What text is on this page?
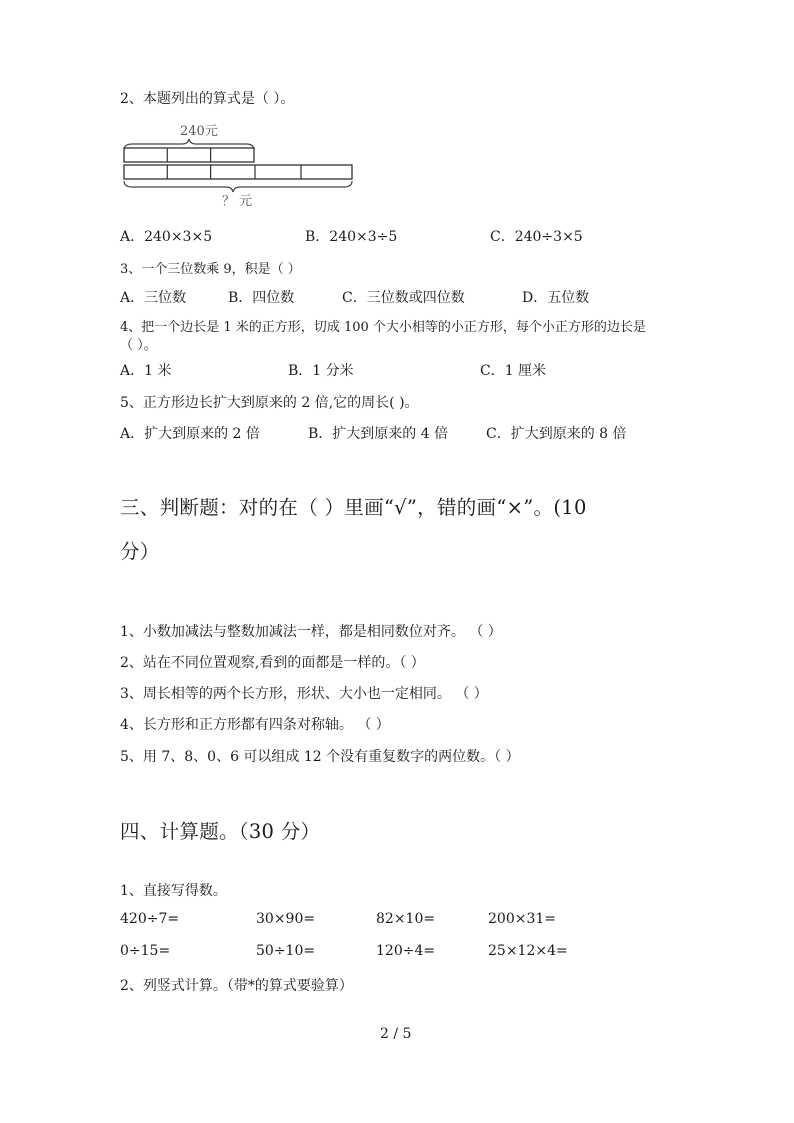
2、本题列出的算式是（ ）。
240元
？ 元
A．240×3×5	B．240×3÷5	C．240÷3×5
3、一个三位数乘 9，积是（ ）
A．三位数	B．四位数	C．三位数或四位数	D．五位数
4、把一个边长是 1 米的正方形，切成 100 个大小相等的小正方形，每个小正方形的边长是
（ ）。
A．1 米	B．1 分米	C．1 厘米
5、正方形边长扩大到原来的 2 倍,它的周长( )。
A．扩大到原来的 2 倍	B．扩大到原来的 4 倍	C．扩大到原来的 8 倍
三、判断题：对的在（ ）里画“√”，错的画“×”。(10
分）
1、小数加减法与整数加减法一样，都是相同数位对齐。 （ ）
2、站在不同位置观察,看到的面都是一样的。（ ）
3、周长相等的两个长方形，形状、大小也一定相同。 （ ）
4、长方形和正方形都有四条对称轴。 （ ）
5、用 7、8、0、6 可以组成 12 个没有重复数字的两位数。（ ）
四、计算题。（30 分）
1、直接写得数。
420÷7=	30×90=	82×10=	200×31=
0÷15=	50÷10=	120÷4=	25×12×4=
2、列竖式计算。（带*的算式要验算）
2 / 5
